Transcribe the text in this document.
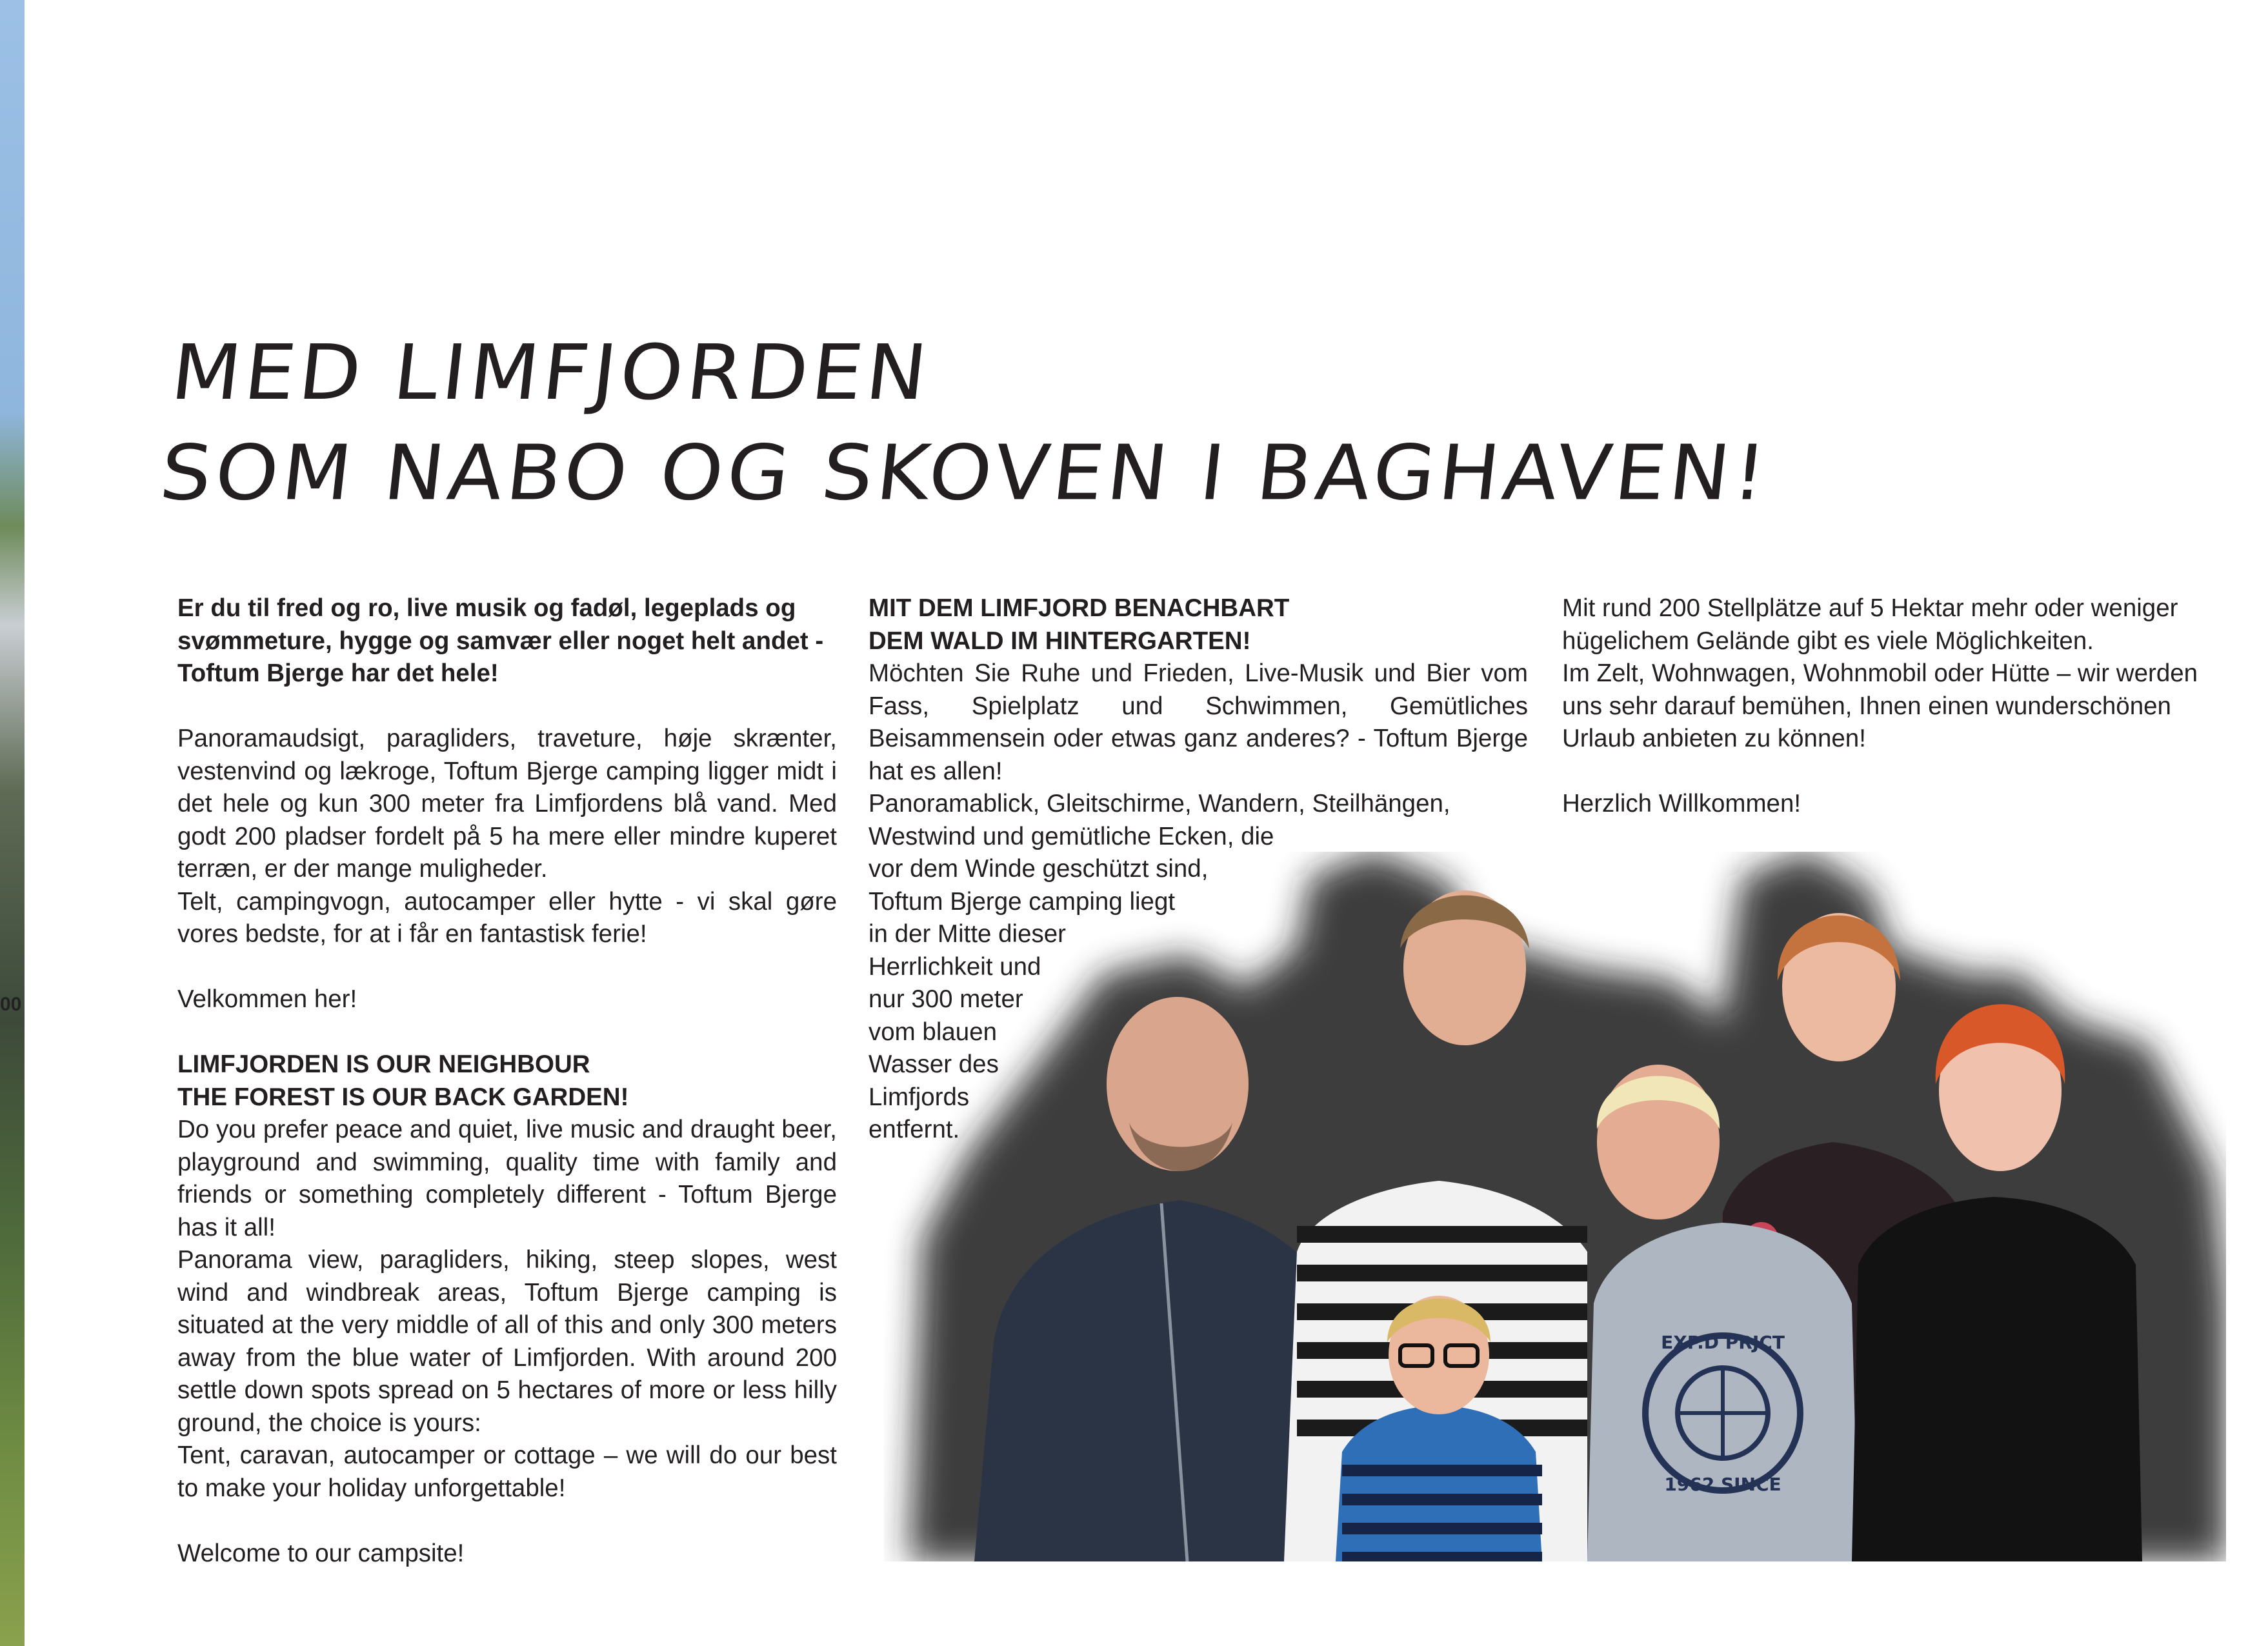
00
MED LIMFJORDEN
SOM NABO OG SKOVEN I BAGHAVEN!

Er du til fred og ro, live musik og fadøl, legeplads og svømmeture, hygge og samvær eller noget helt andet - Toftum Bjerge har det hele!

Panoramaudsigt, paragliders, traveture, høje skrænter, vestenvind og lækroge, Toftum Bjerge camping ligger midt i det hele og kun 300 meter fra Limfjordens blå vand. Med godt 200 pladser fordelt på 5 ha mere eller mindre kuperet terræn, er der mange muligheder.

Telt, campingvogn, autocamper eller hytte - vi skal gøre vores bedste, for at i får en fantastisk ferie!

Velkommen her!

LIMFJORDEN IS OUR NEIGHBOUR

THE FOREST IS OUR BACK GARDEN!

Do you prefer peace and quiet, live music and draught beer, playground and swimming, quality time with family and friends or something completely different - Toftum Bjerge has it all!

Panorama view, paragliders, hiking, steep slopes, west wind and windbreak areas, Toftum Bjerge camping is situated at the very middle of all of this and only 300 meters away from the blue water of Limfjorden. With around 200 settle down spots spread on 5 hectares of more or less hilly ground, the choice is yours:

Tent, caravan, autocamper or cottage – we will do our best to make your holiday unforgettable!

Welcome to our campsite!

EXP.D PRJCT
1962 SINCE

MIT DEM LIMFJORD BENACHBART

DEM WALD IM HINTERGARTEN!

Möchten Sie Ruhe und Frieden, Live-Musik und Bier vom Fass, Spielplatz und Schwimmen, Gemütliches Beisammensein oder etwas ganz anderes? - Toftum Bjerge hat es allen!

Panoramablick, Gleitschirme, Wandern, Steilhängen,

Westwind und gemütliche Ecken, die
vor dem Winde geschützt sind,
Toftum Bjerge camping liegt
in der Mitte dieser
Herrlichkeit und
nur 300 meter
vom blauen
Wasser des
Limfjords
entfernt.

Mit rund 200 Stellplätze auf 5 Hektar mehr oder weniger hügelichem Gelände gibt es viele Möglichkeiten.

Im Zelt, Wohnwagen, Wohnmobil oder Hütte – wir werden uns sehr darauf bemühen, Ihnen einen wunderschönen Urlaub anbieten zu können!

Herzlich Willkommen!
